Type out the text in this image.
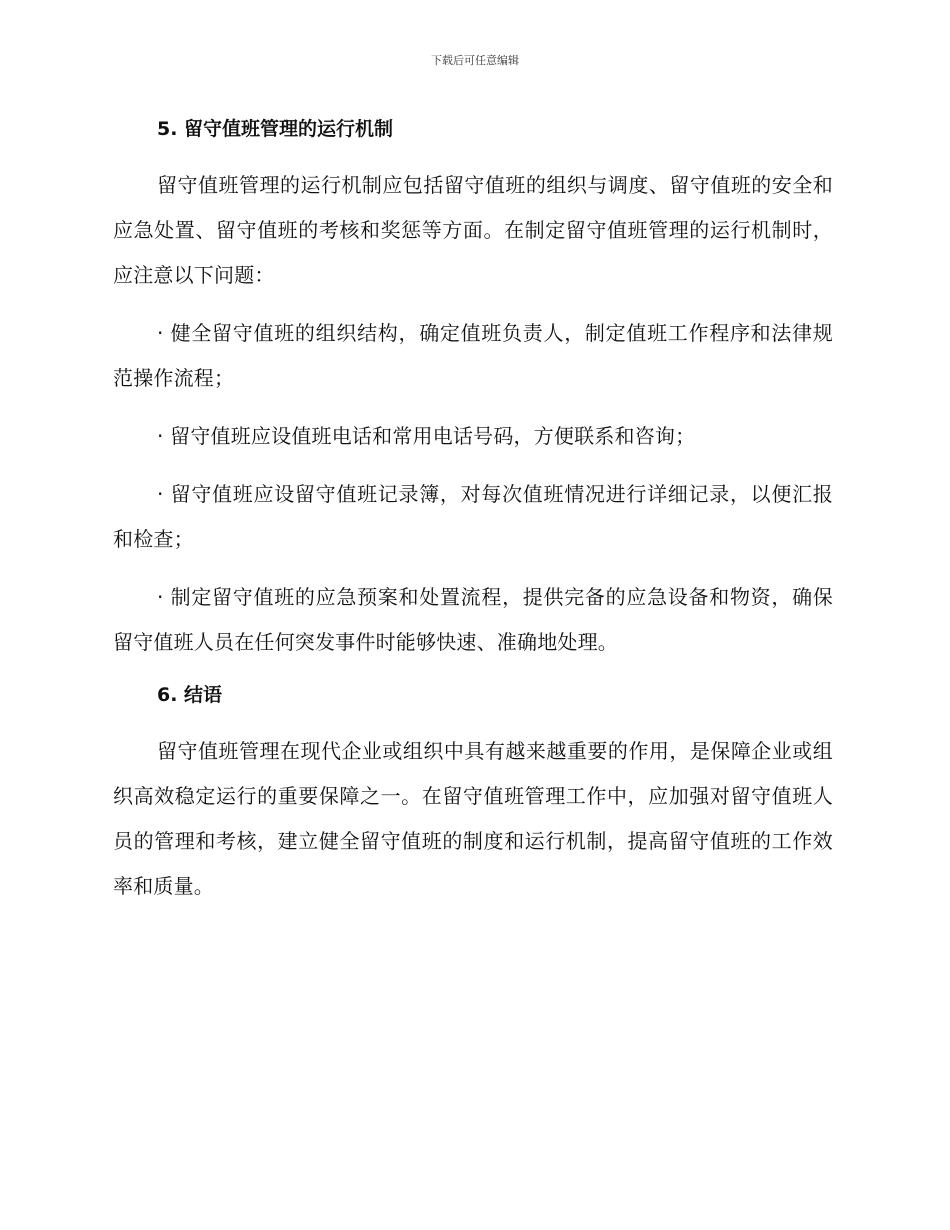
下载后可任意编辑
5. 留守值班管理的运行机制

留守值班管理的运行机制应包括留守值班的组织与调度、留守值班的安全和应急处置、留守值班的考核和奖惩等方面。在制定留守值班管理的运行机制时，应注意以下问题：

· 健全留守值班的组织结构，确定值班负责人，制定值班工作程序和法律规范操作流程；

· 留守值班应设值班电话和常用电话号码，方便联系和咨询；

· 留守值班应设留守值班记录簿，对每次值班情况进行详细记录，以便汇报和检查；

· 制定留守值班的应急预案和处置流程，提供完备的应急设备和物资，确保留守值班人员在任何突发事件时能够快速、准确地处理。

6. 结语

留守值班管理在现代企业或组织中具有越来越重要的作用，是保障企业或组织高效稳定运行的重要保障之一。在留守值班管理工作中，应加强对留守值班人员的管理和考核，建立健全留守值班的制度和运行机制，提高留守值班的工作效率和质量。
